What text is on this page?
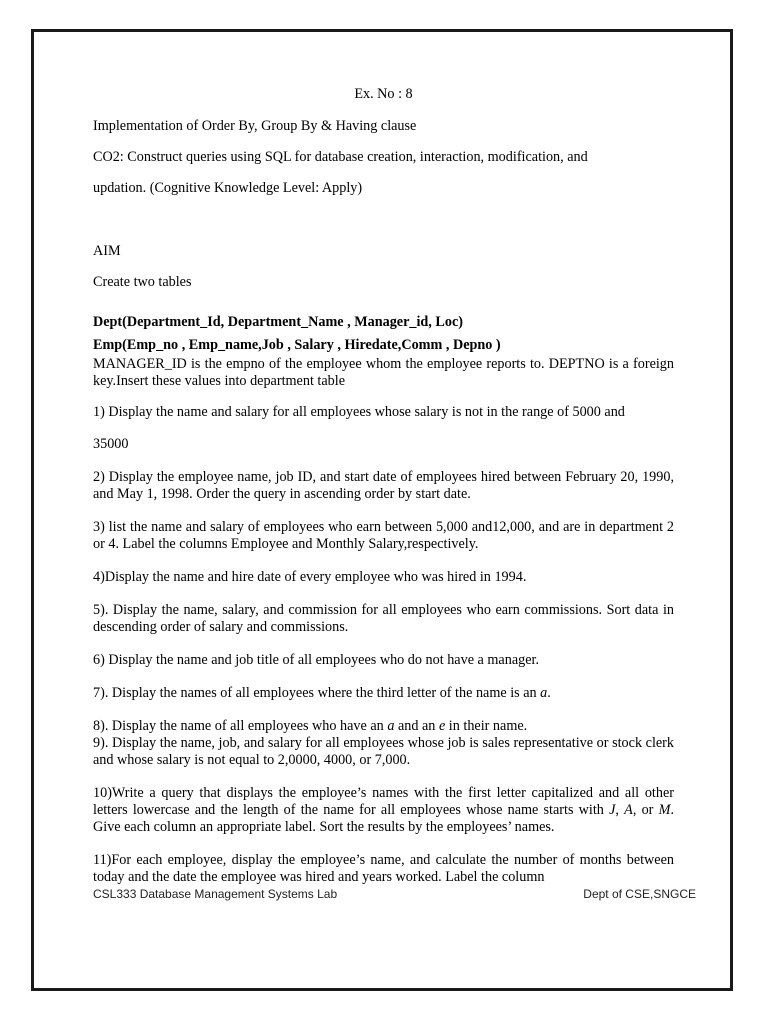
Ex. No : 8

Implementation of Order By, Group By & Having clause

CO2: Construct queries using SQL for database creation, interaction, modification, and

updation. (Cognitive Knowledge Level: Apply)

AIM

Create two tables

Dept(Department_Id, Department_Name , Manager_id, Loc)

Emp(Emp_no , Emp_name,Job , Salary , Hiredate,Comm , Depno )

MANAGER_ID is the empno of the employee whom the employee reports to. DEPTNO is a foreign key.Insert these values into department table

1) Display the name and salary for all employees whose salary is not in the range of 5000 and

35000

2) Display the employee name, job ID, and start date of employees hired between February 20, 1990, and May 1, 1998. Order the query in ascending order by start date.

3) list the name and salary of employees who earn between 5,000 and12,000, and are in department 2 or 4. Label the columns Employee and Monthly Salary,respectively.

4)Display the name and hire date of every employee who was hired in 1994.

5). Display the name, salary, and commission for all employees who earn commissions. Sort data in descending order of salary and commissions.

6) Display the name and job title of all employees who do not have a manager.

7). Display the names of all employees where the third letter of the name is an a.

8). Display the name of all employees who have an a and an e in their name.

9). Display the name, job, and salary for all employees whose job is sales representative or stock clerk and whose salary is not equal to 2,0000, 4000, or 7,000.

10)Write a query that displays the employee’s names with the first letter capitalized and all other letters lowercase and the length of the name for all employees whose name starts with J, A, or M. Give each column an appropriate label. Sort the results by the employees’ names.

11)For each employee, display the employee’s name, and calculate the number of months between today and the date the employee was hired and years worked. Label the column

CSL333 Database Management Systems Lab	Dept of CSE,SNGCE
